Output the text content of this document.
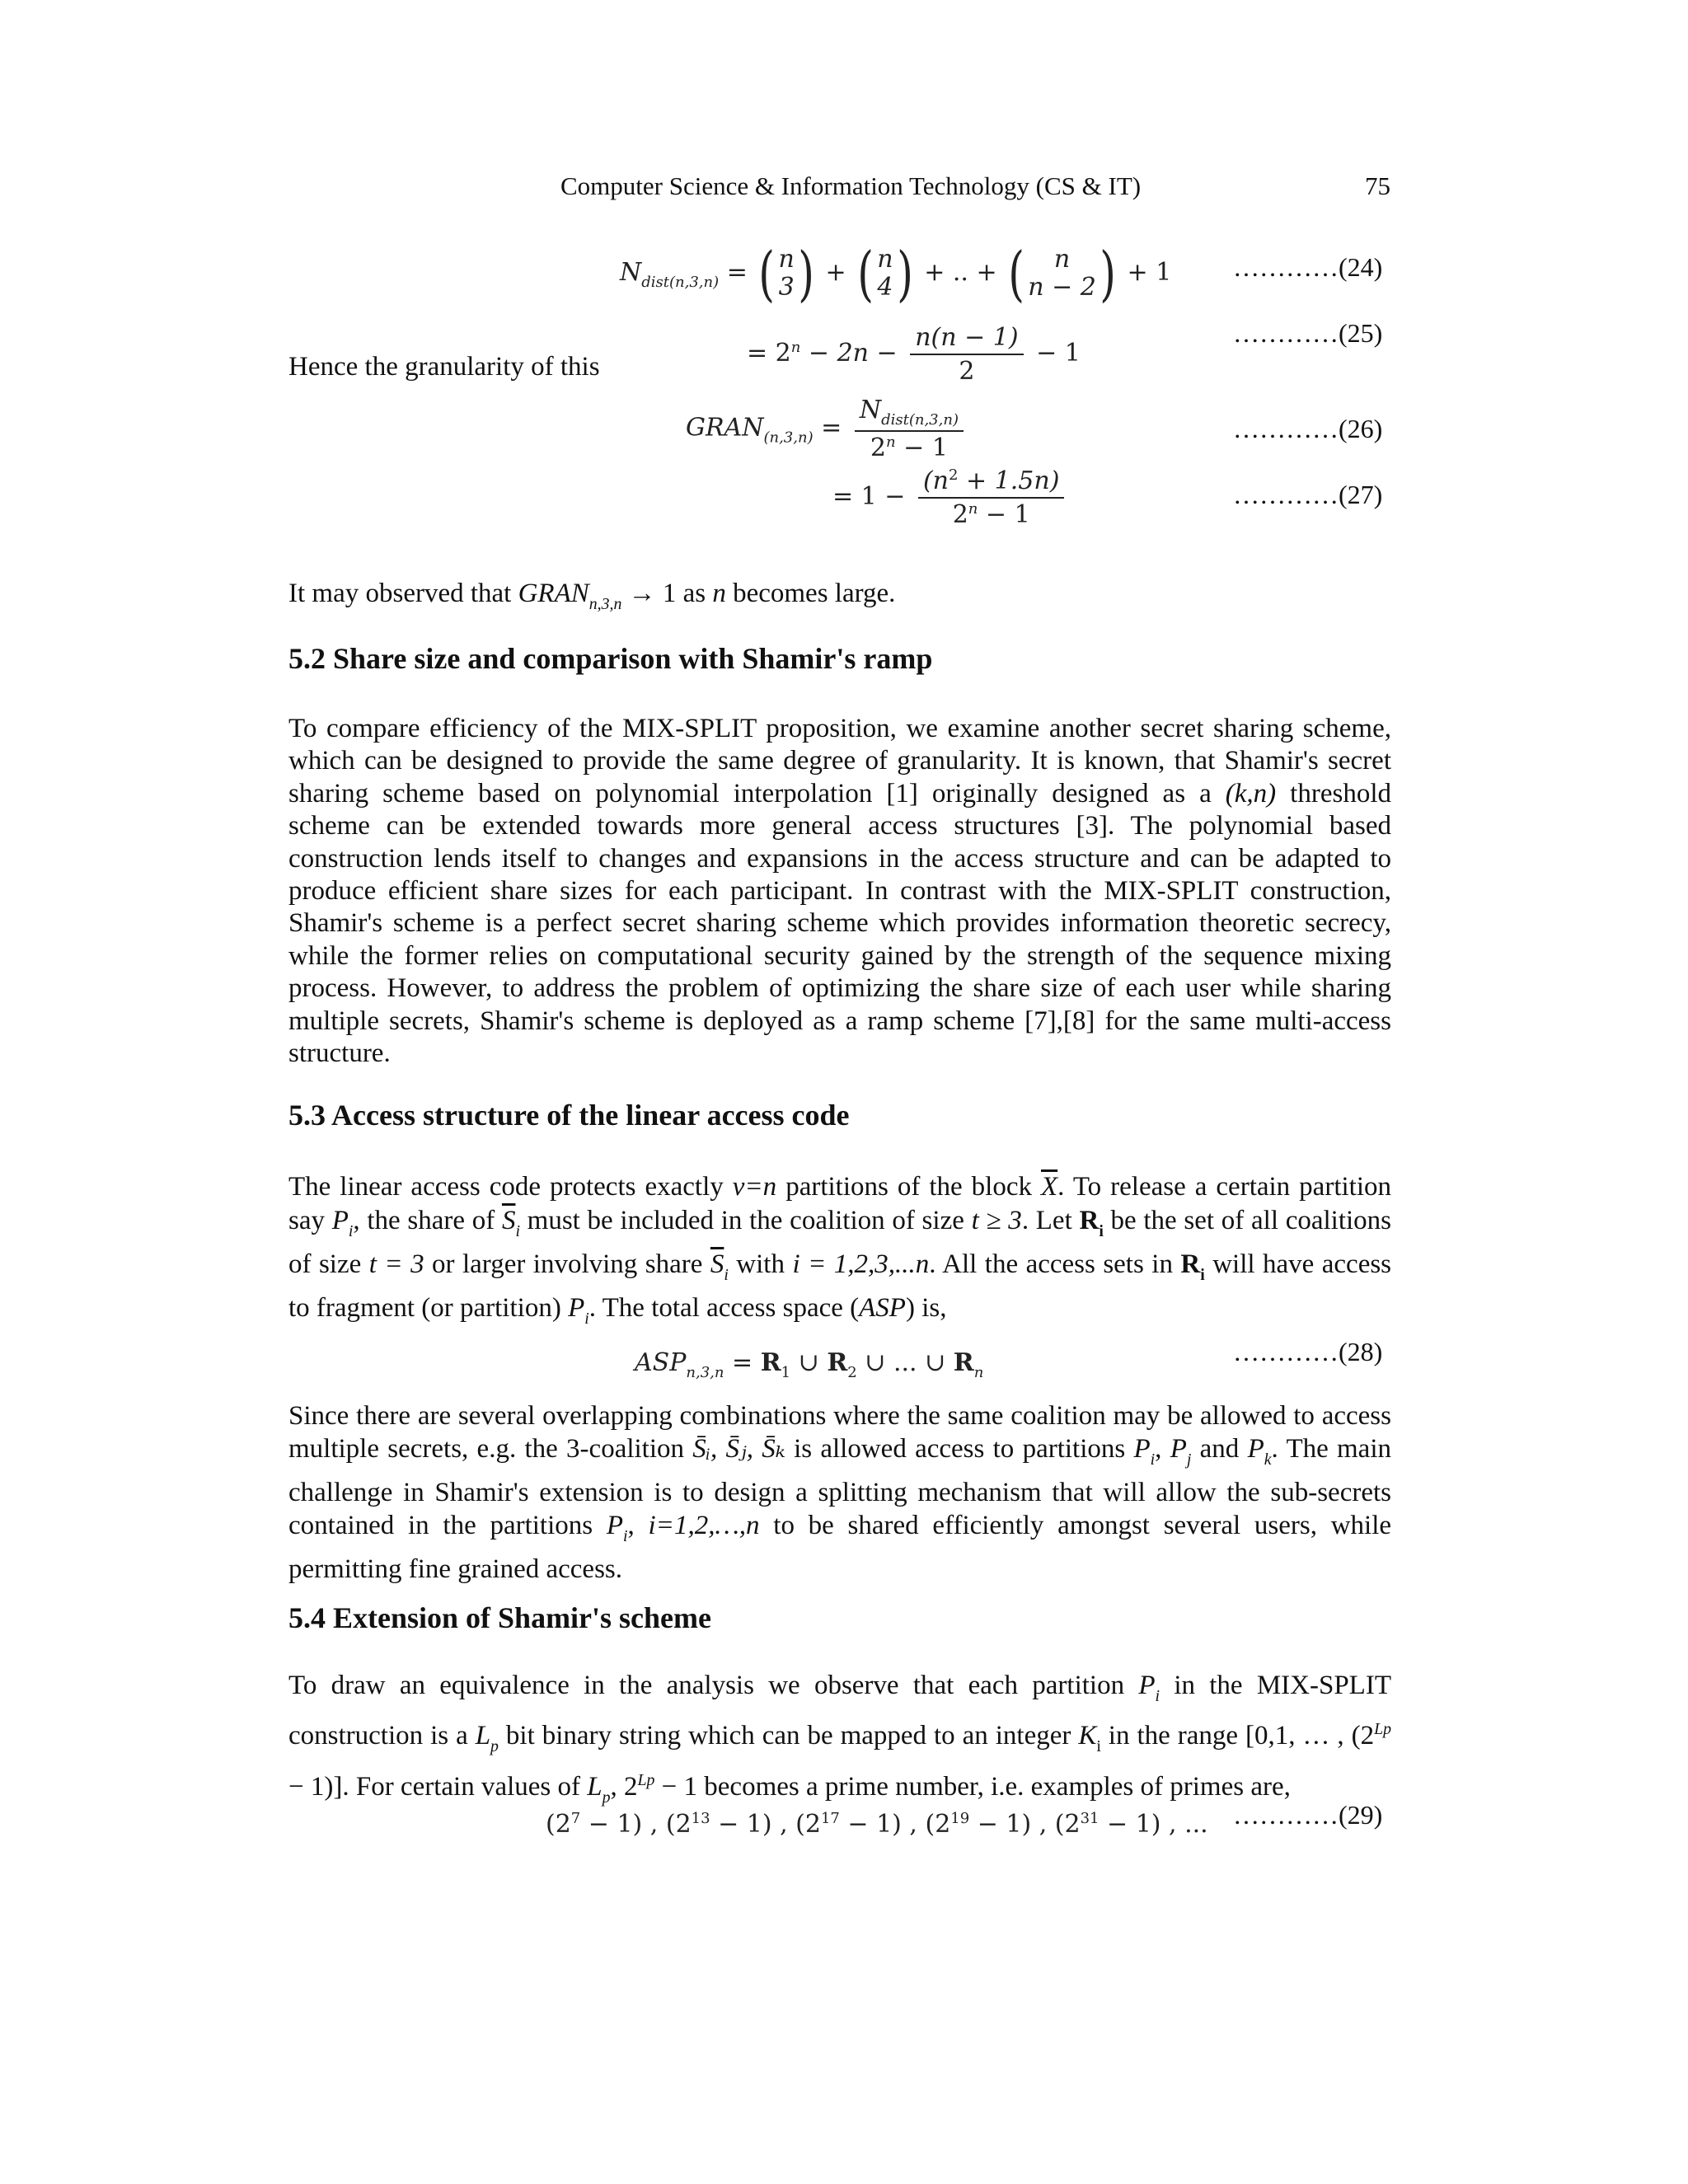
Computer Science & Information Technology (CS & IT)	75
$N_{dist(n,3,n)}$ = ( n
3 ) + ( n
4 ) + .. + ( n
n − 2 ) + 1 …………(24)
= $2^n - 2n - \frac{n(n - 1)}{2} - 1$
…………(25)
Hence the granularity of this
$GRAN_{(n,3,n)} = \frac{N_{dist(n,3,n)}}{2^n - 1}$	…………(26)
= $1 - \frac{(n^2 + 1.5n)}{2^n - 1}$	…………(27)
It may observed that $GRAN_{n,3,n} \to 1$ as n becomes large.
5.2 Share size and comparison with Shamir's ramp
To compare efficiency of the MIX-SPLIT proposition, we examine another secret sharing scheme, which can be designed to provide the same degree of granularity. It is known, that Shamir's secret sharing scheme based on polynomial interpolation [1] originally designed as a (k,n) threshold scheme can be extended towards more general access structures [3]. The polynomial based construction lends itself to changes and expansions in the access structure and can be adapted to produce efficient share sizes for each participant. In contrast with the MIX-SPLIT construction, Shamir's scheme is a perfect secret sharing scheme which provides information theoretic secrecy, while the former relies on computational security gained by the strength of the sequence mixing process. However, to address the problem of optimizing the share size of each user while sharing multiple secrets, Shamir's scheme is deployed as a ramp scheme [7],[8] for the same multi-access structure.
5.3 Access structure of the linear access code
The linear access code protects exactly v=n partitions of the block $\overline{X}$. To release a certain partition say $P_i$, the share of $\overline{S}_i$ must be included in the coalition of size t ≥ 3. Let $R_i$ be the set of all coalitions of size t = 3 or larger involving share $\overline{S}_i$ with i = 1,2,3,...n. All the access sets in $R_i$ will have access to fragment (or partition) $P_i$. The total access space (ASP) is,
$ASP_{n,3,n} = R_1$ ∪ $R_2$ ∪ ... ∪ $R_n$
…………(28)
Since there are several overlapping combinations where the same coalition may be allowed to access multiple secrets, e.g. the 3-coalition S̄ᵢ, S̄ⱼ, S̄ₖ is allowed access to partitions $P_i$, $P_j$ and $P_k$. The main challenge in Shamir's extension is to design a splitting mechanism that will allow the sub-secrets contained in the partitions $P_i$, i=1,2,…,n to be shared efficiently amongst several users, while permitting fine grained access.
5.4 Extension of Shamir's scheme
To draw an equivalence in the analysis we observe that each partition $P_i$ in the MIX-SPLIT construction is a $L_p$ bit binary string which can be mapped to an integer $K_i$ in the range [0,1, … , $(2^{Lp} - 1)$]. For certain values of $L_p$, $2^{Lp} - 1$ becomes a prime number, i.e. examples of primes are,
$(2^7 - 1)$ , $(2^{13} - 1)$ , $(2^{17} - 1)$ , $(2^{19} - 1)$ , $(2^{31} - 1)$ , ... …………(29)
